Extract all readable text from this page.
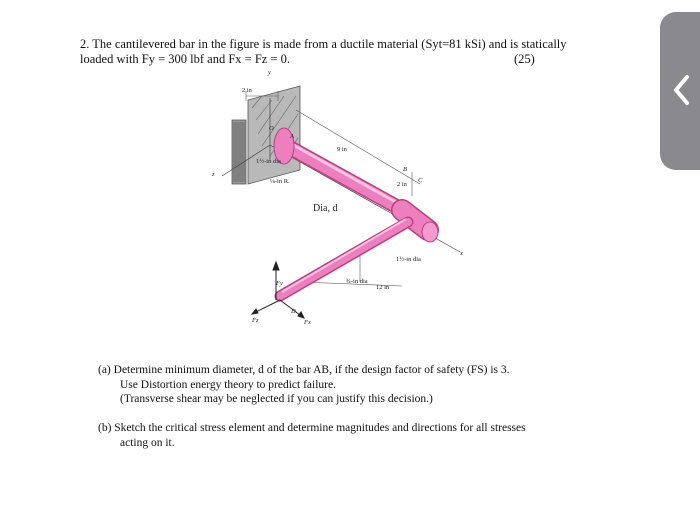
2. The cantilevered bar in the figure is made from a ductile material (Syt=81 kSi) and is statically
loaded with Fy = 300 lbf and Fx = Fz = 0.	(25)
2 in
O
A
9 in
1½-in dia
⅛-in R.
Dia, d
B
2 in
C
1½-in dia
¾-in dia
12 in
Fy
Fz	Fx
D
x
y
z
(a) Determine minimum diameter, d of the bar AB, if the design factor of safety (FS) is 3.
Use Distortion energy theory to predict failure.
(Transverse shear may be neglected if you can justify this decision.)
(b) Sketch the critical stress element and determine magnitudes and directions for all stresses
acting on it.
